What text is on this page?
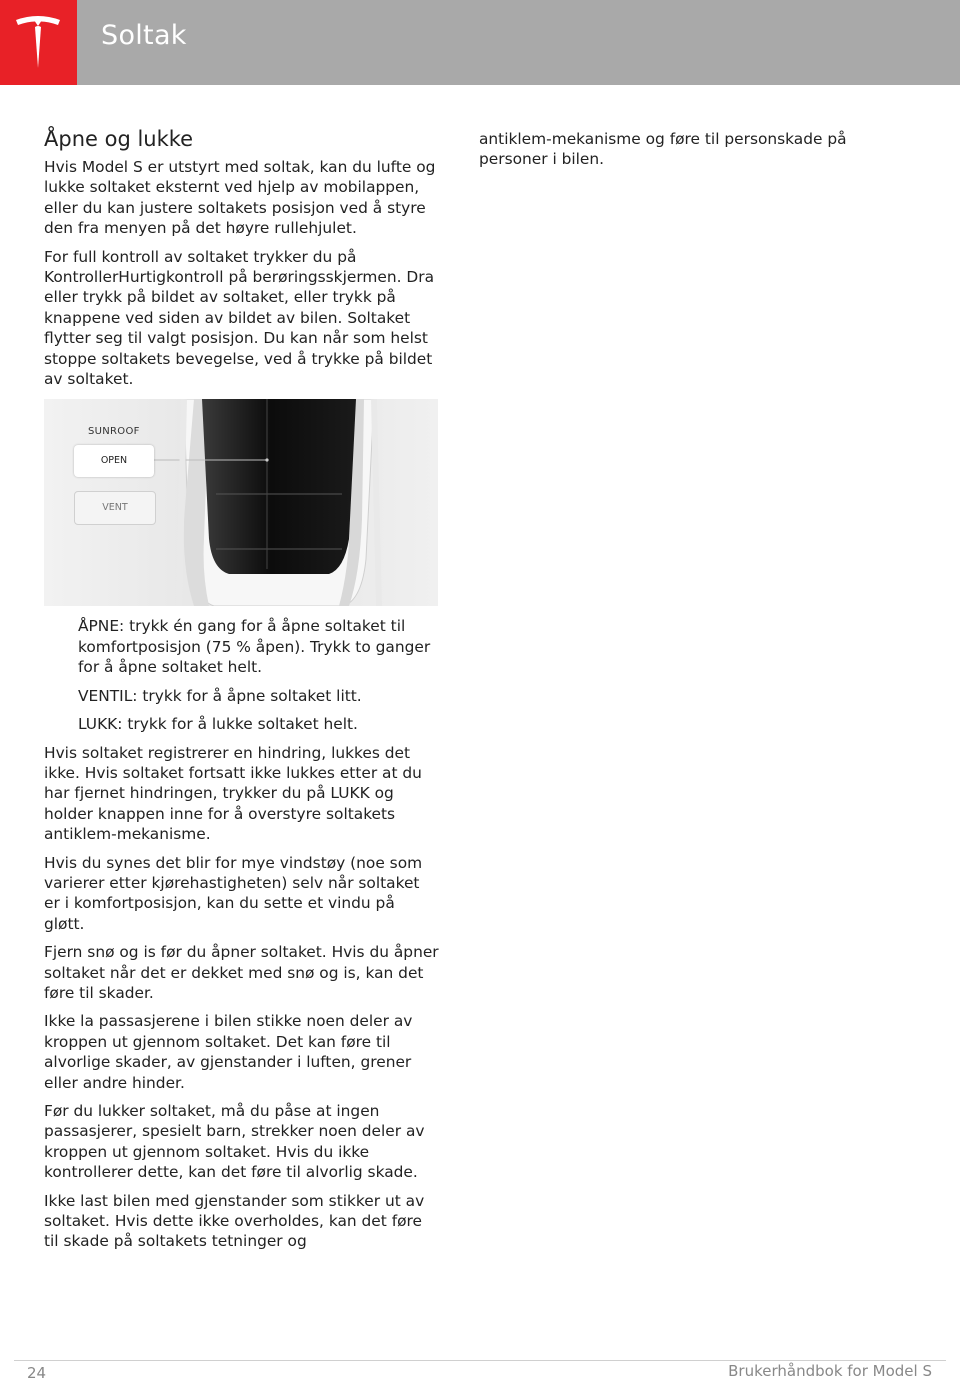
Soltak
Åpne og lukke

Hvis Model S er utstyrt med soltak, kan du lufte og lukke soltaket eksternt ved hjelp av mobilappen, eller du kan justere soltakets posisjon ved å styre den fra menyen på det høyre rullehjulet.

For full kontroll av soltaket trykker du på KontrollerHurtigkontroll på berøringsskjermen. Dra eller trykk på bildet av soltaket, eller trykk på knappene ved siden av bildet av bilen. Soltaket flytter seg til valgt posisjon. Du kan når som helst stoppe soltakets bevegelse, ved å trykke på bildet av soltaket.

SUNROOF
OPEN
VENT

ÅPNE: trykk én gang for å åpne soltaket til komfortposisjon (75 % åpen). Trykk to ganger for å åpne soltaket helt.

VENTIL: trykk for å åpne soltaket litt.

LUKK: trykk for å lukke soltaket helt.

Hvis soltaket registrerer en hindring, lukkes det ikke. Hvis soltaket fortsatt ikke lukkes etter at du har fjernet hindringen, trykker du på LUKK og holder knappen inne for å overstyre soltakets antiklem-mekanisme.

Hvis du synes det blir for mye vindstøy (noe som varierer etter kjørehastigheten) selv når soltaket er i komfortposisjon, kan du sette et vindu på gløtt.

Fjern snø og is før du åpner soltaket. Hvis du åpner soltaket når det er dekket med snø og is, kan det føre til skader.

Ikke la passasjerene i bilen stikke noen deler av kroppen ut gjennom soltaket. Det kan føre til alvorlige skader, av gjenstander i luften, grener eller andre hinder.

Før du lukker soltaket, må du påse at ingen passasjerer, spesielt barn, strekker noen deler av kroppen ut gjennom soltaket. Hvis du ikke kontrollerer dette, kan det føre til alvorlig skade.

Ikke last bilen med gjenstander som stikker ut av soltaket. Hvis dette ikke overholdes, kan det føre til skade på soltakets tetninger og

antiklem-mekanisme og føre til personskade på personer i bilen.

24	Brukerhåndbok for Model S
